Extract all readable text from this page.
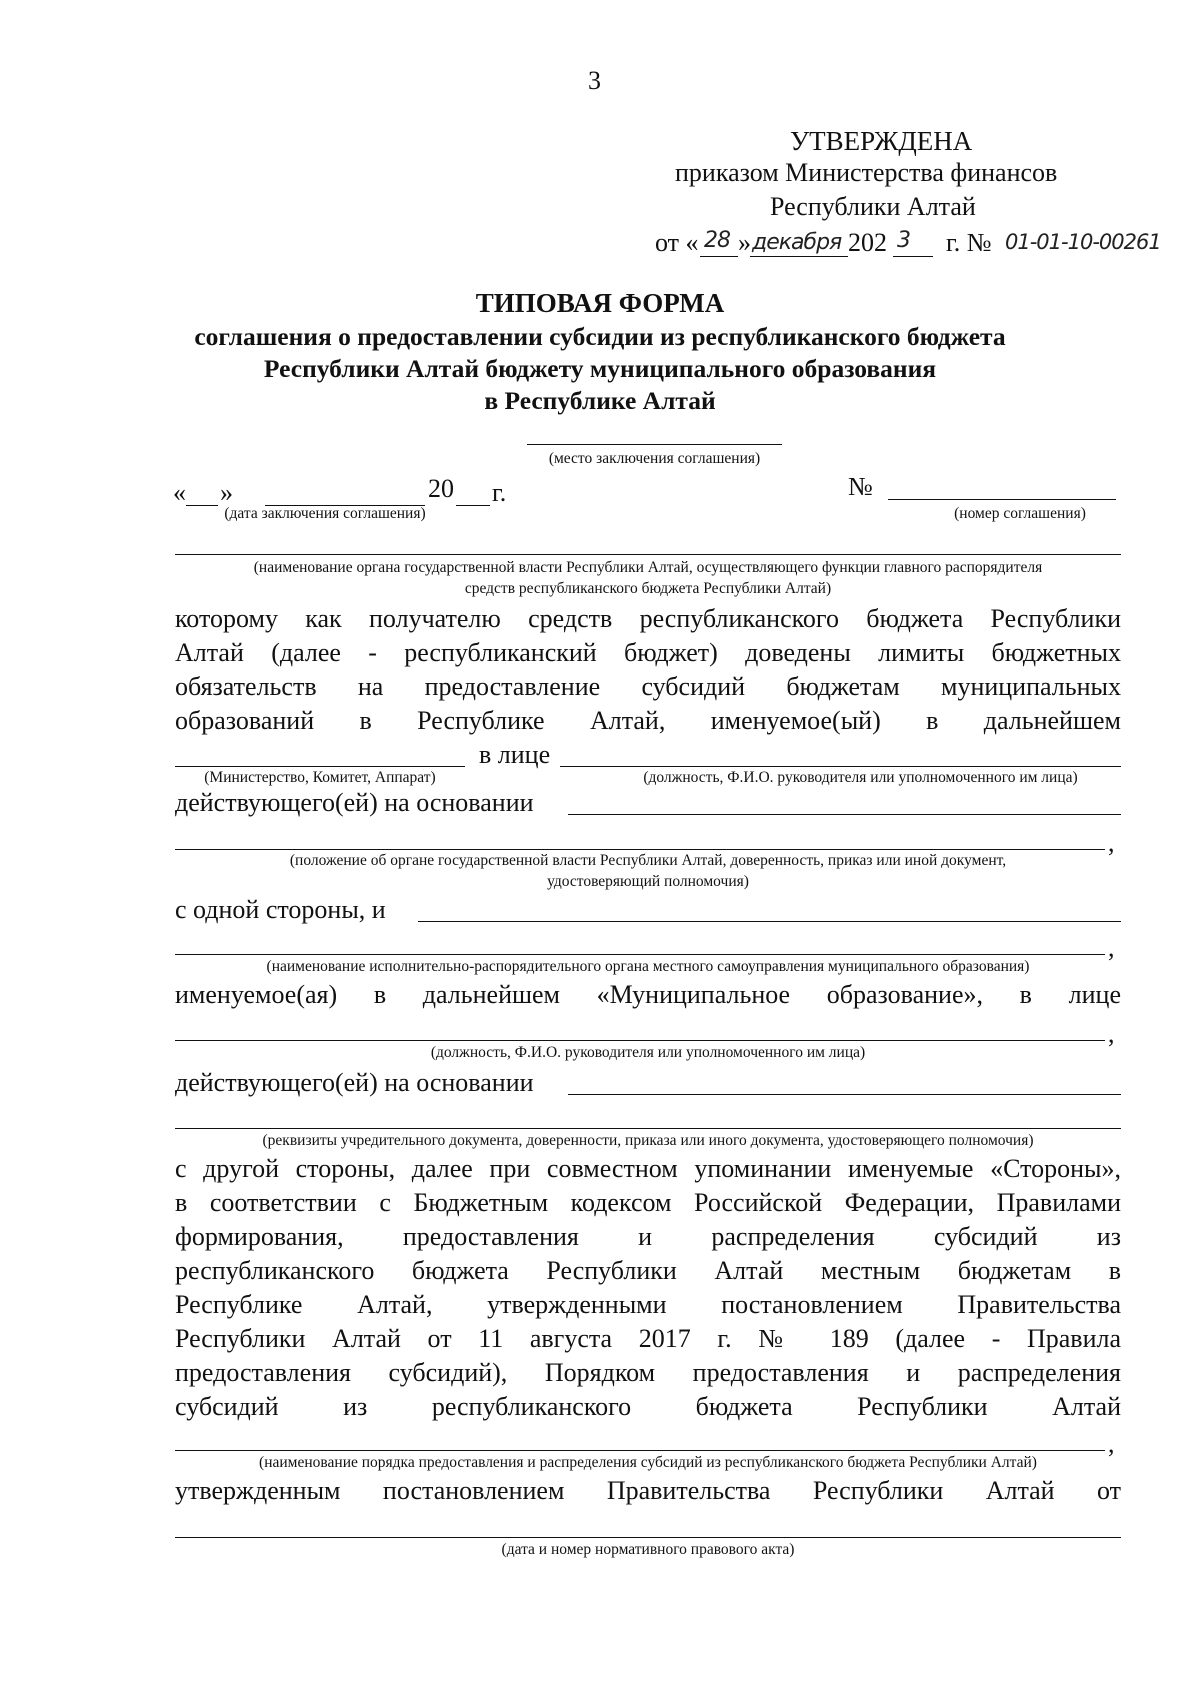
3
УТВЕРЖДЕНА
приказом Министерства финансов
Республики Алтай
от « 28 » декабря 202 3 г. № 01-01-10-00261
ТИПОВАЯ ФОРМА
соглашения о предоставлении субсидии из республиканского бюджета
Республики Алтай бюджету муниципального образования
в Республике Алтай
(место заключения соглашения)
« »	20 г.
(дата заключения соглашения)
№
(номер соглашения)
(наименование органа государственной власти Республики Алтай, осуществляющего функции главного распорядителя
средств республиканского бюджета Республики Алтай)
которому как получателю средств республиканского бюджета Республики
Алтай (далее - республиканский бюджет) доведены лимиты бюджетных
обязательств на предоставление субсидий бюджетам муниципальных
образований в Республике Алтай, именуемое(ый) в дальнейшем
в лице
(Министерство, Комитет, Аппарат)	(должность, Ф.И.О. руководителя или уполномоченного им лица)
действующего(ей) на основании
,
(положение об органе государственной власти Республики Алтай, доверенность, приказ или иной документ,
удостоверяющий полномочия)
с одной стороны, и
,
(наименование исполнительно-распорядительного органа местного самоуправления муниципального образования)
именуемое(ая) в дальнейшем «Муниципальное образование», в лице
,
(должность, Ф.И.О. руководителя или уполномоченного им лица)
действующего(ей) на основании
(реквизиты учредительного документа, доверенности, приказа или иного документа, удостоверяющего полномочия)
с другой стороны, далее при совместном упоминании именуемые «Стороны»,
в соответствии с Бюджетным кодексом Российской Федерации, Правилами
формирования, предоставления и распределения субсидий из
республиканского бюджета Республики Алтай местным бюджетам в
Республике Алтай, утвержденными постановлением Правительства
Республики Алтай от 11 августа 2017 г. № 189 (далее - Правила
предоставления субсидий), Порядком предоставления и распределения
субсидий из республиканского бюджета Республики Алтай
,
(наименование порядка предоставления и распределения субсидий из республиканского бюджета Республики Алтай)
утвержденным постановлением Правительства Республики Алтай от
(дата и номер нормативного правового акта)
